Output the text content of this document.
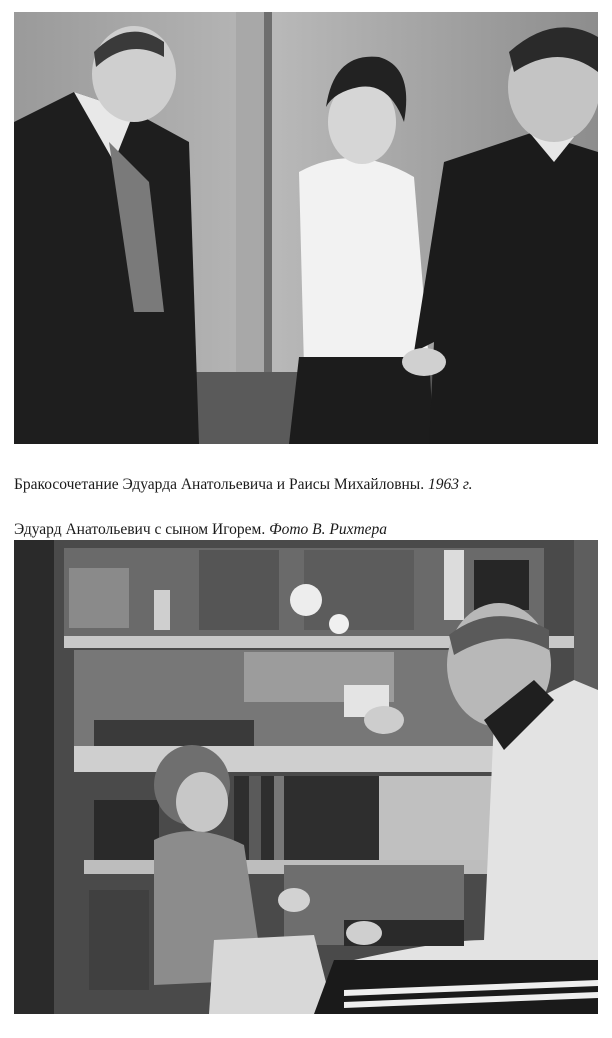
Бракосочетание Эдуарда Анатольевича и Раисы Михайловны. 1963 г.

Эдуард Анатольевич с сыном Игорем. Фото В. Рихтера
